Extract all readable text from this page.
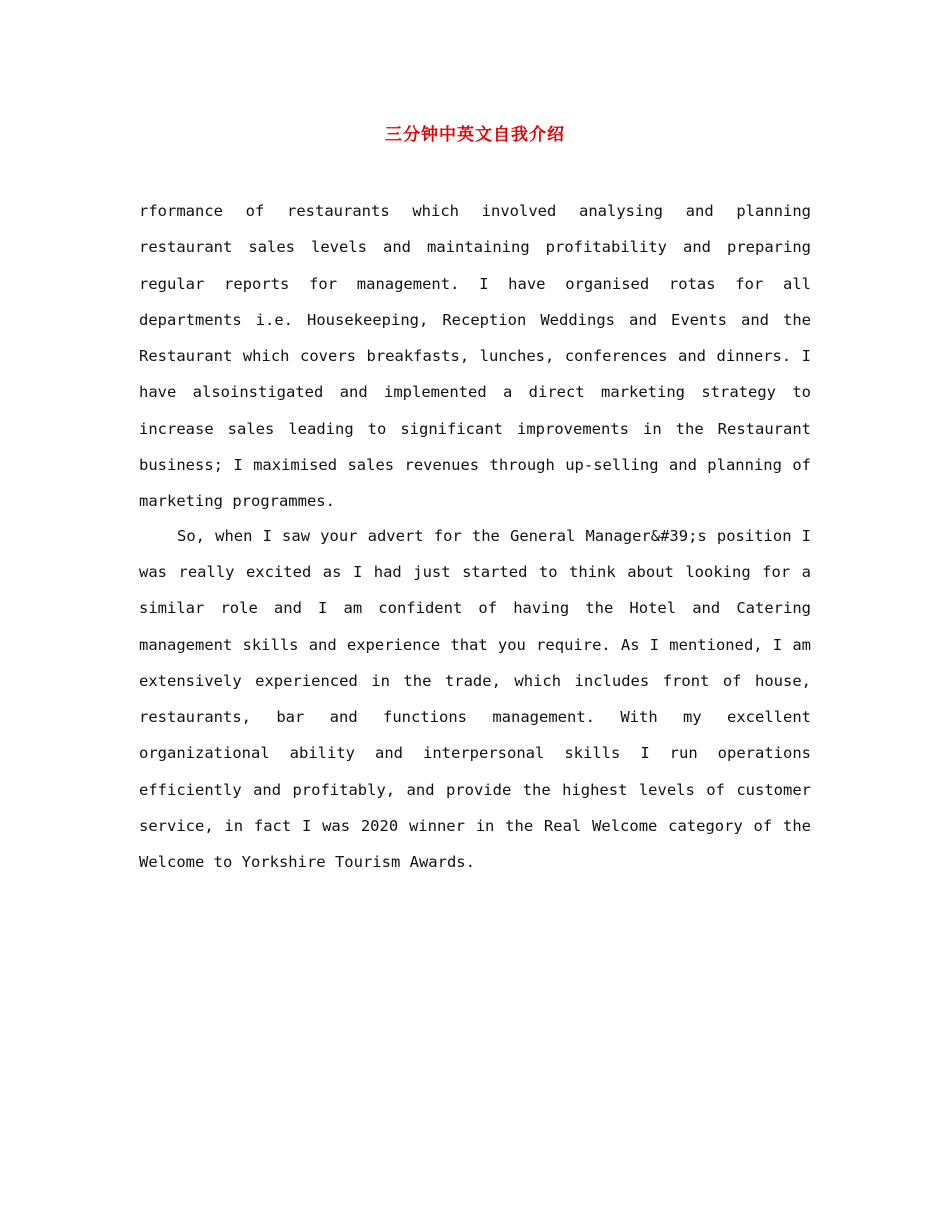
三分钟中英文自我介绍

rformance of restaurants which involved analysing and planning restaurant sales levels and maintaining profitability and preparing regular reports for management. I have organised rotas for all departments i.e. Housekeeping, Reception Weddings and Events and the Restaurant which covers breakfasts, lunches, conferences and dinners. I have alsoinstigated and implemented a direct marketing strategy to increase sales leading to significant improvements in the Restaurant business; I maximised sales revenues through up-selling and planning of marketing programmes.

So, when I saw your advert for the General Manager&#39;s position I was really excited as I had just started to think about looking for a similar role and I am confident of having the Hotel and Catering management skills and experience that you require. As I mentioned, I am extensively experienced in the trade, which includes front of house, restaurants, bar and functions management. With my excellent organizational ability and interpersonal skills I run operations efficiently and profitably, and provide the highest levels of customer service, in fact I was 2020 winner in the Real Welcome category of the Welcome to Yorkshire Tourism Awards.
